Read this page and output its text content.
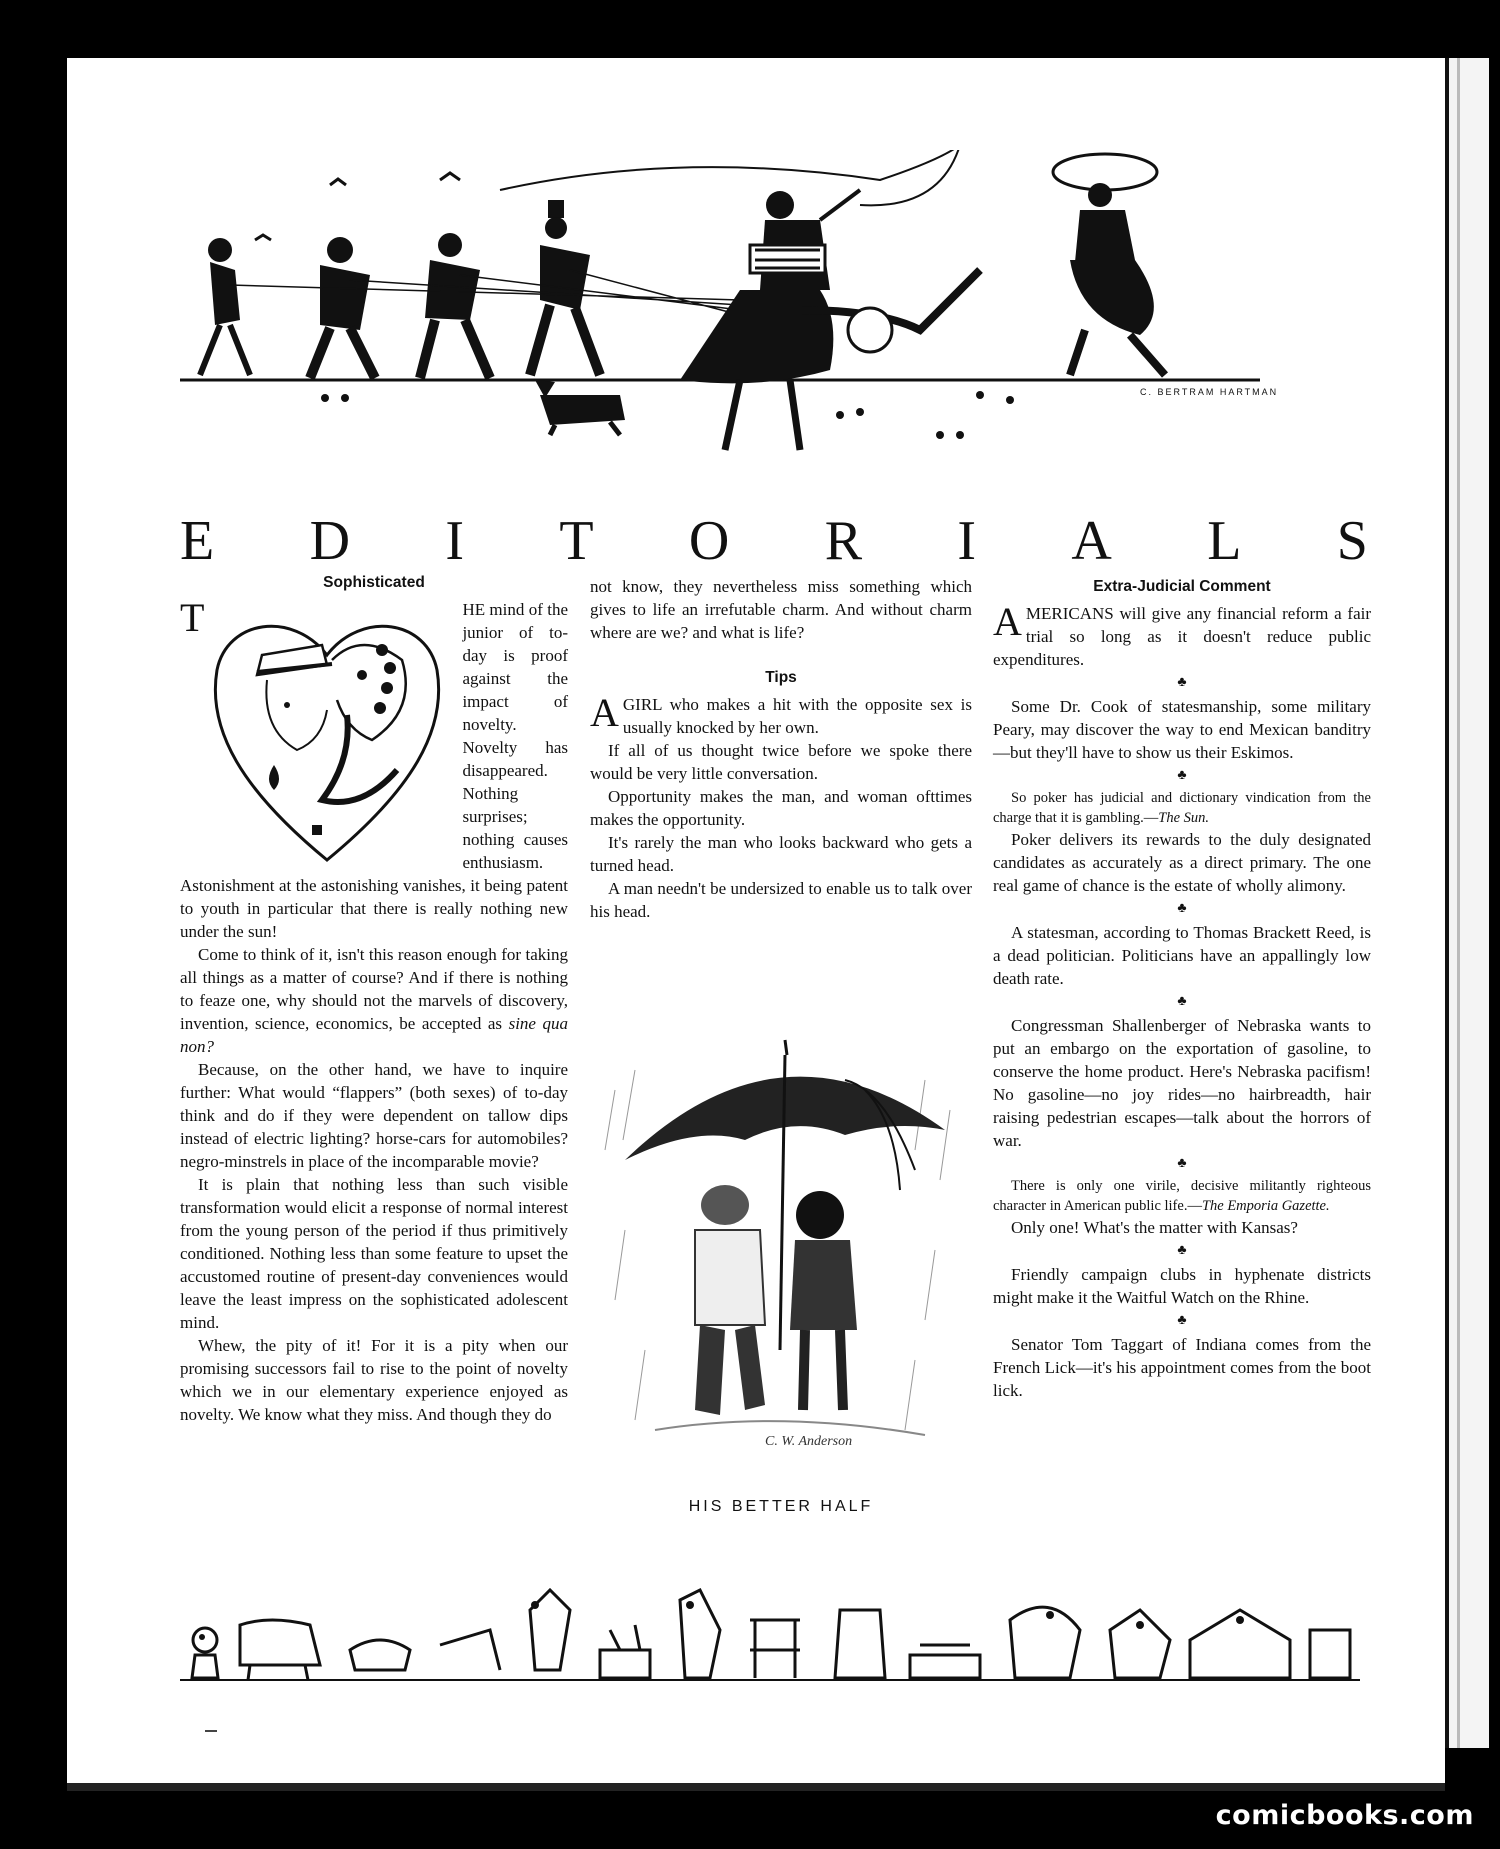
C. BERTRAM HARTMAN
E D I T O R I A L S
Sophisticated

T	HE mind of the junior of to-day is proof against the impact of novelty. Novelty has disappeared. Nothing surprises; nothing causes enthusiasm. Astonishment at the astonishing vanishes, it being patent to youth in particular that there is really nothing new under the sun!

Come to think of it, isn't this reason enough for taking all things as a matter of course? And if there is nothing to feaze one, why should not the marvels of discovery, invention, science, economics, be accepted as sine qua non?

Because, on the other hand, we have to inquire further: What would “flappers” (both sexes) of to-day think and do if they were dependent on tallow dips instead of electric lighting? horse-cars for automobiles? negro-minstrels in place of the incomparable movie?

It is plain that nothing less than such visible transformation would elicit a response of normal interest from the young person of the period if thus primitively conditioned. Nothing less than some feature to upset the accustomed routine of present-day conveniences would leave the least impress on the sophisticated adolescent mind.

Whew, the pity of it! For it is a pity when our promising successors fail to rise to the point of novelty which we in our elementary experience enjoyed as novelty. We know what they miss. And though they do

not know, they nevertheless miss something which gives to life an irrefutable charm. And without charm where are we? and what is life?

Tips

AGIRL who makes a hit with the opposite sex is usually knocked by her own.

If all of us thought twice before we spoke there would be very little conversation.

Opportunity makes the man, and woman ofttimes makes the opportunity.

It's rarely the man who looks backward who gets a turned head.

A man needn't be undersized to enable us to talk over his head.

C. W. Anderson
HIS BETTER HALF
Extra-Judicial Comment

AMERICANS will give any financial reform a fair trial so long as it doesn't reduce public expenditures.

♣

Some Dr. Cook of statesmanship, some military Peary, may discover the way to end Mexican banditry—but they'll have to show us their Eskimos.

♣

So poker has judicial and dictionary vindication from the charge that it is gambling.—The Sun.

Poker delivers its rewards to the duly designated candidates as accurately as a direct primary. The one real game of chance is the estate of wholly alimony.

♣

A statesman, according to Thomas Brackett Reed, is a dead politician. Politicians have an appallingly low death rate.

♣

Congressman Shallenberger of Nebraska wants to put an embargo on the exportation of gasoline, to conserve the home product. Here's Nebraska pacifism! No gasoline—no joy rides—no hairbreadth, hair raising pedestrian escapes—talk about the horrors of war.

♣

There is only one virile, decisive militantly righteous character in American public life.—The Emporia Gazette.

Only one! What's the matter with Kansas?

♣

Friendly campaign clubs in hyphenate districts might make it the Waitful Watch on the Rhine.

♣

Senator Tom Taggart of Indiana comes from the French Lick—it's his appointment comes from the boot lick.

comicbooks.com
